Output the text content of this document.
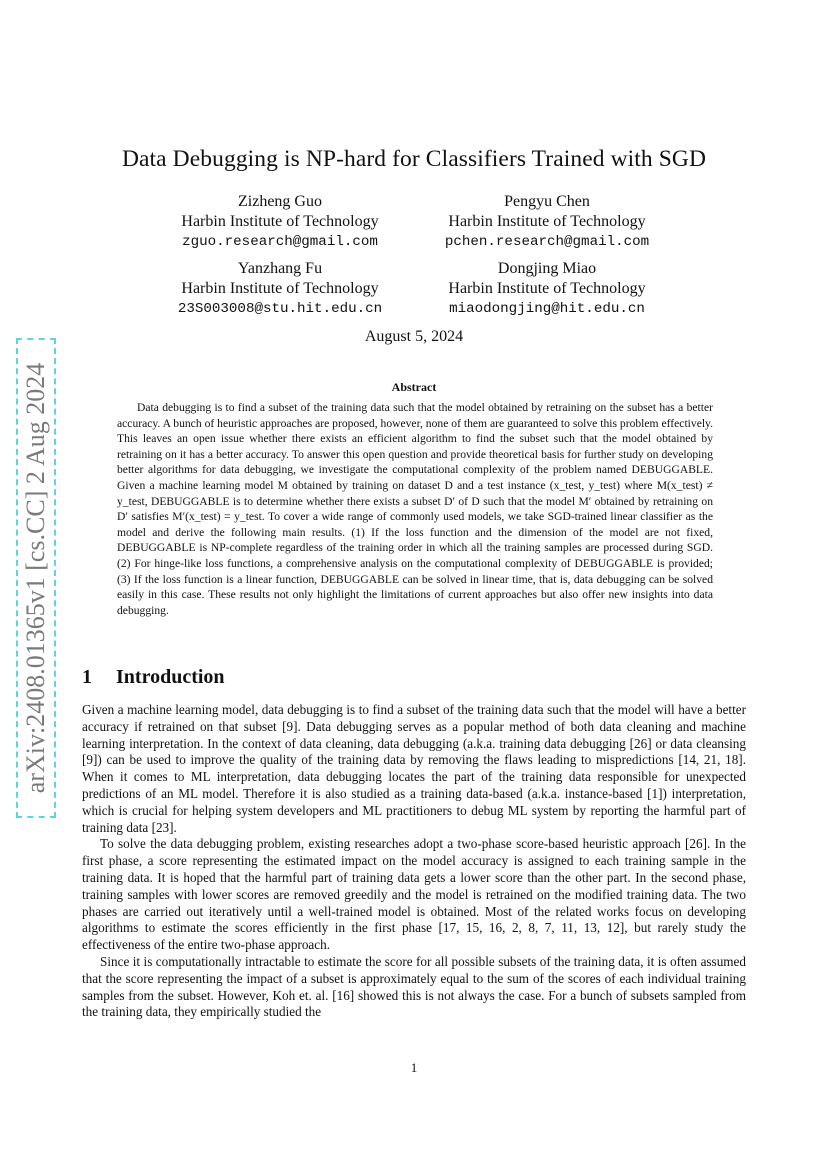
arXiv:2408.01365v1 [cs.CC] 2 Aug 2024
Data Debugging is NP-hard for Classifiers Trained with SGD
Zizheng Guo
Harbin Institute of Technology
zguo.research@gmail.com
Pengyu Chen
Harbin Institute of Technology
pchen.research@gmail.com
Yanzhang Fu
Harbin Institute of Technology
23S003008@stu.hit.edu.cn
Dongjing Miao
Harbin Institute of Technology
miaodongjing@hit.edu.cn
August 5, 2024
Abstract
Data debugging is to find a subset of the training data such that the model obtained by retraining on the subset has a better accuracy. A bunch of heuristic approaches are proposed, however, none of them are guaranteed to solve this problem effectively. This leaves an open issue whether there exists an efficient algorithm to find the subset such that the model obtained by retraining on it has a better accuracy. To answer this open question and provide theoretical basis for further study on developing better algorithms for data debugging, we investigate the computational complexity of the problem named DEBUGGABLE. Given a machine learning model M obtained by training on dataset D and a test instance (x_test, y_test) where M(x_test) ≠ y_test, DEBUGGABLE is to determine whether there exists a subset D′ of D such that the model M′ obtained by retraining on D′ satisfies M′(x_test) = y_test. To cover a wide range of commonly used models, we take SGD-trained linear classifier as the model and derive the following main results. (1) If the loss function and the dimension of the model are not fixed, DEBUGGABLE is NP-complete regardless of the training order in which all the training samples are processed during SGD. (2) For hinge-like loss functions, a comprehensive analysis on the computational complexity of DEBUGGABLE is provided; (3) If the loss function is a linear function, DEBUGGABLE can be solved in linear time, that is, data debugging can be solved easily in this case. These results not only highlight the limitations of current approaches but also offer new insights into data debugging.
1 Introduction

Given a machine learning model, data debugging is to find a subset of the training data such that the model will have a better accuracy if retrained on that subset [9]. Data debugging serves as a popular method of both data cleaning and machine learning interpretation. In the context of data cleaning, data debugging (a.k.a. training data debugging [26] or data cleansing [9]) can be used to improve the quality of the training data by removing the flaws leading to mispredictions [14, 21, 18]. When it comes to ML interpretation, data debugging locates the part of the training data responsible for unexpected predictions of an ML model. Therefore it is also studied as a training data-based (a.k.a. instance-based [1]) interpretation, which is crucial for helping system developers and ML practitioners to debug ML system by reporting the harmful part of training data [23].

To solve the data debugging problem, existing researches adopt a two-phase score-based heuristic approach [26]. In the first phase, a score representing the estimated impact on the model accuracy is assigned to each training sample in the training data. It is hoped that the harmful part of training data gets a lower score than the other part. In the second phase, training samples with lower scores are removed greedily and the model is retrained on the modified training data. The two phases are carried out iteratively until a well-trained model is obtained. Most of the related works focus on developing algorithms to estimate the scores efficiently in the first phase [17, 15, 16, 2, 8, 7, 11, 13, 12], but rarely study the effectiveness of the entire two-phase approach.

Since it is computationally intractable to estimate the score for all possible subsets of the training data, it is often assumed that the score representing the impact of a subset is approximately equal to the sum of the scores of each individual training samples from the subset. However, Koh et. al. [16] showed this is not always the case. For a bunch of subsets sampled from the training data, they empirically studied the

1
